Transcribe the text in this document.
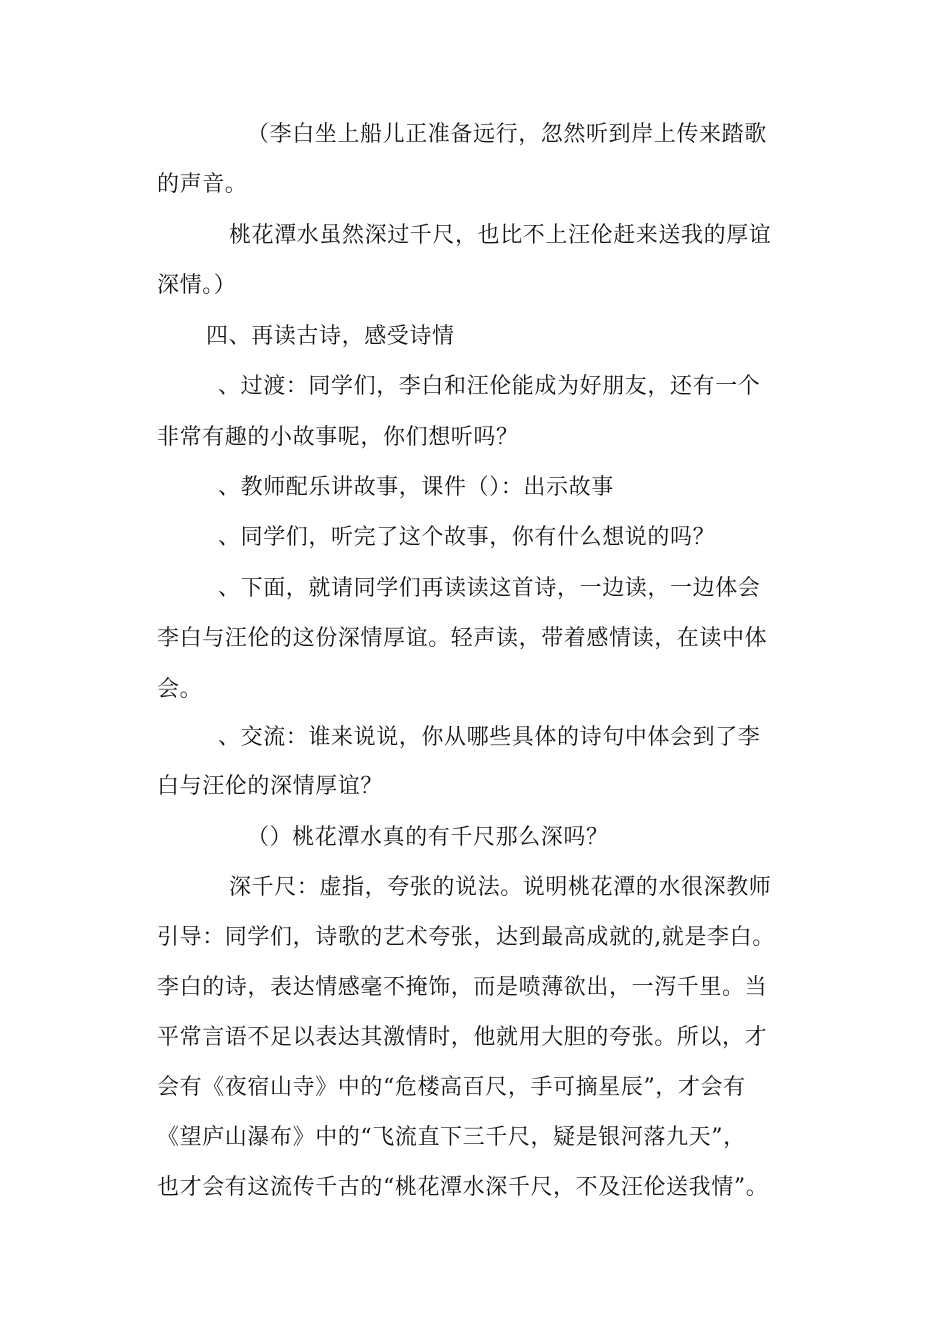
（李白坐上船儿正准备远行，忽然听到岸上传来踏歌
的声音。
桃花潭水虽然深过千尺，也比不上汪伦赶来送我的厚谊
深情。）
四、再读古诗，感受诗情
、过渡：同学们，李白和汪伦能成为好朋友，还有一个
非常有趣的小故事呢，你们想听吗？
、教师配乐讲故事，课件（）：出示故事
、同学们，听完了这个故事，你有什么想说的吗？
、下面，就请同学们再读读这首诗，一边读，一边体会
李白与汪伦的这份深情厚谊。轻声读，带着感情读，在读中体
会。
、交流：谁来说说，你从哪些具体的诗句中体会到了李
白与汪伦的深情厚谊？
（）桃花潭水真的有千尺那么深吗？
深千尺：虚指，夸张的说法。说明桃花潭的水很深教师
引导：同学们，诗歌的艺术夸张，达到最高成就的,就是李白。
李白的诗，表达情感毫不掩饰，而是喷薄欲出，一泻千里。当
平常言语不足以表达其激情时，他就用大胆的夸张。所以，才
会有《夜宿山寺》中的“危楼高百尺，手可摘星辰”，才会有
《望庐山瀑布》中的“飞流直下三千尺，疑是银河落九天”，
也才会有这流传千古的“桃花潭水深千尺，不及汪伦送我情”。
